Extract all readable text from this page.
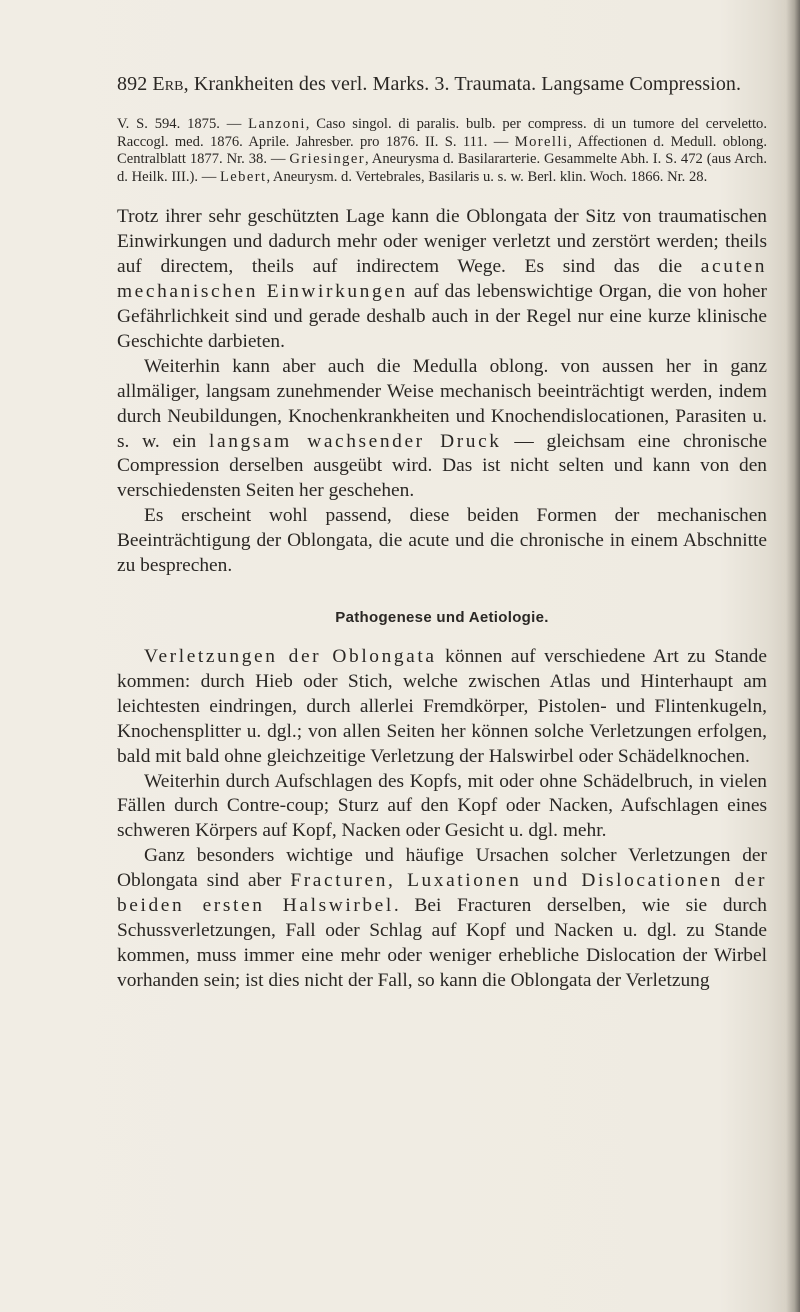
892 Erb, Krankheiten des verl. Marks. 3. Traumata. Langsame Compression.
V. S. 594. 1875. — Lanzoni, Caso singol. di paralis. bulb. per compress. di un tumore del cerveletto. Raccogl. med. 1876. Aprile. Jahresber. pro 1876. II. S. 111. — Morelli, Affectionen d. Medull. oblong. Centralblatt 1877. Nr. 38. — Griesinger, Aneurysma d. Basilararterie. Gesammelte Abh. I. S. 472 (aus Arch. d. Heilk. III.). — Lebert, Aneurysm. d. Vertebrales, Basilaris u. s. w. Berl. klin. Woch. 1866. Nr. 28.

Trotz ihrer sehr geschützten Lage kann die Oblongata der Sitz von traumatischen Einwirkungen und dadurch mehr oder weniger verletzt und zerstört werden; theils auf directem, theils auf indirectem Wege. Es sind das die acuten mechanischen Einwirkungen auf das lebenswichtige Organ, die von hoher Gefährlichkeit sind und gerade deshalb auch in der Regel nur eine kurze klinische Geschichte darbieten.

Weiterhin kann aber auch die Medulla oblong. von aussen her in ganz allmäliger, langsam zunehmender Weise mechanisch beeinträchtigt werden, indem durch Neubildungen, Knochenkrankheiten und Knochendislocationen, Parasiten u. s. w. ein langsam wachsender Druck — gleichsam eine chronische Compression derselben ausgeübt wird. Das ist nicht selten und kann von den verschiedensten Seiten her geschehen.

Es erscheint wohl passend, diese beiden Formen der mechanischen Beeinträchtigung der Oblongata, die acute und die chronische in einem Abschnitte zu besprechen.

Pathogenese und Aetiologie.

Verletzungen der Oblongata können auf verschiedene Art zu Stande kommen: durch Hieb oder Stich, welche zwischen Atlas und Hinterhaupt am leichtesten eindringen, durch allerlei Fremdkörper, Pistolen- und Flintenkugeln, Knochensplitter u. dgl.; von allen Seiten her können solche Verletzungen erfolgen, bald mit bald ohne gleichzeitige Verletzung der Halswirbel oder Schädelknochen.

Weiterhin durch Aufschlagen des Kopfs, mit oder ohne Schädelbruch, in vielen Fällen durch Contre-coup; Sturz auf den Kopf oder Nacken, Aufschlagen eines schweren Körpers auf Kopf, Nacken oder Gesicht u. dgl. mehr.

Ganz besonders wichtige und häufige Ursachen solcher Verletzungen der Oblongata sind aber Fracturen, Luxationen und Dislocationen der beiden ersten Halswirbel. Bei Fracturen derselben, wie sie durch Schussverletzungen, Fall oder Schlag auf Kopf und Nacken u. dgl. zu Stande kommen, muss immer eine mehr oder weniger erhebliche Dislocation der Wirbel vorhanden sein; ist dies nicht der Fall, so kann die Oblongata der Verletzung
